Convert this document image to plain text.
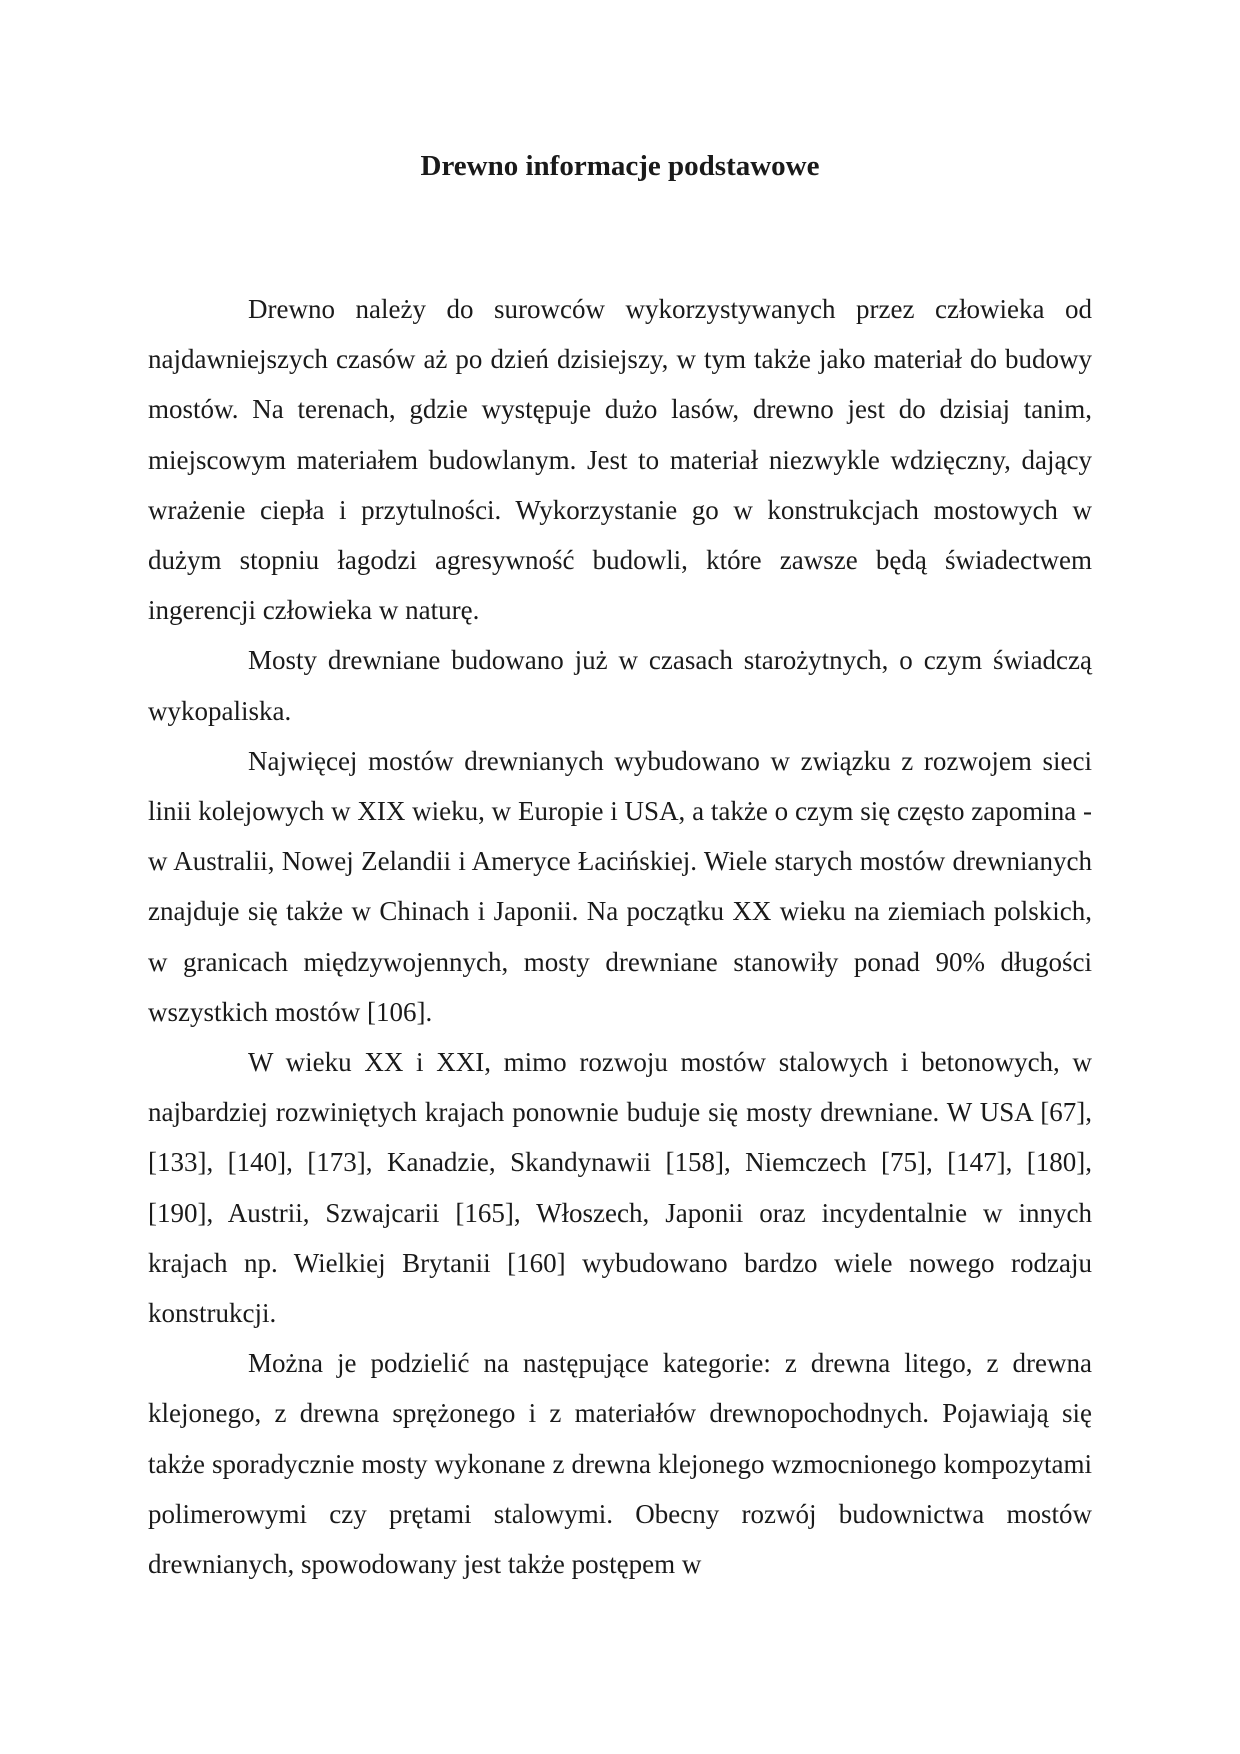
Drewno informacje podstawowe

Drewno należy do surowców wykorzystywanych przez człowieka od najdawniejszych czasów aż po dzień dzisiejszy, w tym także jako materiał do budowy mostów. Na terenach, gdzie występuje dużo lasów, drewno jest do dzisiaj tanim, miejscowym materiałem budowlanym. Jest to materiał niezwykle wdzięczny, dający wrażenie ciepła i przytulności. Wykorzystanie go w konstrukcjach mostowych w dużym stopniu łagodzi agresywność budowli, które zawsze będą świadectwem ingerencji człowieka w naturę.

Mosty drewniane budowano już w czasach starożytnych, o czym świadczą wykopaliska.

Najwięcej mostów drewnianych wybudowano w związku z rozwojem sieci linii kolejowych w XIX wieku, w Europie i USA, a także o czym się często zapomina -w Australii, Nowej Zelandii i Ameryce Łacińskiej. Wiele starych mostów drewnianych znajduje się także w Chinach i Japonii. Na początku XX wieku na ziemiach polskich, w granicach międzywojennych, mosty drewniane stanowiły ponad 90% długości wszystkich mostów [106].

W wieku XX i XXI, mimo rozwoju mostów stalowych i betonowych, w najbardziej rozwiniętych krajach ponownie buduje się mosty drewniane. W USA [67], [133], [140], [173], Kanadzie, Skandynawii [158], Niemczech [75], [147], [180], [190], Austrii, Szwajcarii [165], Włoszech, Japonii oraz incydentalnie w innych krajach np. Wielkiej Brytanii [160] wybudowano bardzo wiele nowego rodzaju konstrukcji.

Można je podzielić na następujące kategorie: z drewna litego, z drewna klejonego, z drewna sprężonego i z materiałów drewnopochodnych. Pojawiają się także sporadycznie mosty wykonane z drewna klejonego wzmocnionego kompozytami polimerowymi czy prętami stalowymi. Obecny rozwój budownictwa mostów drewnianych, spowodowany jest także postępem w
